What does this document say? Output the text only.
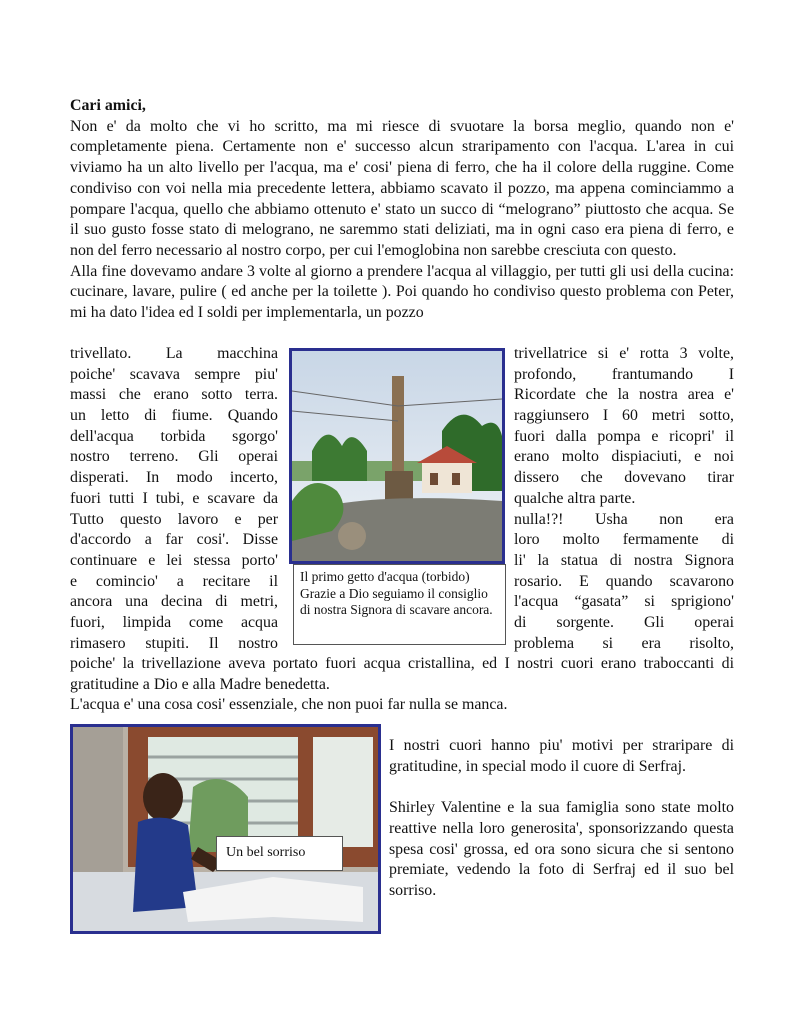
Cari amici,

Non e' da molto che vi ho scritto, ma mi riesce di svuotare la borsa meglio, quando non e' completamente piena. Certamente non e' successo alcun straripamento con l'acqua. L'area in cui viviamo ha un alto livello per l'acqua, ma e' cosi' piena di ferro, che ha il colore della ruggine. Come condiviso con voi nella mia precedente lettera, abbiamo scavato il pozzo, ma appena cominciammo a pompare l'acqua, quello che abbiamo ottenuto e' stato un succo di “melograno” piuttosto che acqua. Se il suo gusto fosse stato di melograno, ne saremmo stati deliziati, ma in ogni caso era piena di ferro, e non del ferro necessario al nostro corpo, per cui l'emoglobina non sarebbe cresciuta con questo.

Alla fine dovevamo andare 3 volte al giorno a prendere l'acqua al villaggio, per tutti gli usi della cucina: cucinare, lavare, pulire ( ed anche per la toilette ). Poi quando ho condiviso questo problema con Peter, mi ha dato l'idea ed I soldi per implementarla, un pozzo

trivellato. La macchina
poiche' scavava sempre piu'
massi che erano sotto terra.
un letto di fiume. Quando
dell'acqua torbida sgorgo'
nostro terreno. Gli operai
disperati. In modo incerto,
fuori tutti I tubi, e scavare da
Tutto questo lavoro e per
d'accordo a far cosi'. Disse
continuare e lei stessa porto'
e comincio' a recitare il
ancora una decina di metri,
fuori, limpida come acqua
rimasero stupiti. Il nostro
trivellatrice si e' rotta 3 volte,
profondo, frantumando I
Ricordate che la nostra area e'
raggiunsero I 60 metri sotto,
fuori dalla pompa e ricopri' il
erano molto dispiaciuti, e noi
dissero che dovevano tirar
qualche altra parte.
nulla!?! Usha non era
loro molto fermamente di
li' la statua di nostra Signora
rosario. E quando scavarono
l'acqua “gasata” si sprigiono'
di sorgente. Gli operai
problema si era risolto,
Il primo getto d'acqua (torbido) Grazie a Dio seguiamo il consiglio di nostra Signora di scavare ancora.

poiche' la trivellazione aveva portato fuori acqua cristallina, ed I nostri cuori erano traboccanti di gratitudine a Dio e alla Madre benedetta.

L'acqua e' una cosa cosi' essenziale, che non puoi far nulla se manca.

Un bel sorriso

I nostri cuori hanno piu' motivi per straripare di gratitudine, in special modo il cuore di Serfraj.

Shirley Valentine e la sua famiglia sono state molto reattive nella loro generosita', sponsorizzando questa spesa cosi' grossa, ed ora sono sicura che si sentono premiate, vedendo la foto di Serfraj ed il suo bel sorriso.
